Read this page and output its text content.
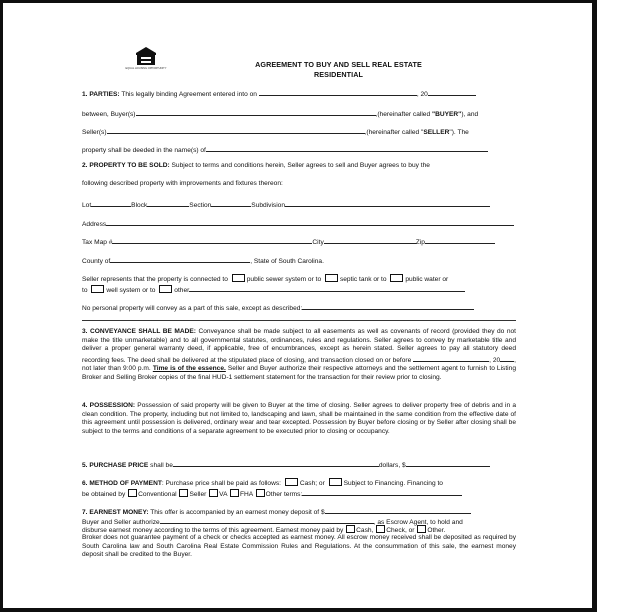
EQUAL HOUSING OPPORTUNITY	AGREEMENT TO BUY AND SELL REAL ESTATE
RESIDENTIAL
1. PARTIES: This legally binding Agreement entered into on	, 20
between, Buyer(s)	,(hereinafter called "BUYER"), and
Seller(s)	,(hereinafter called "SELLER"). The
property shall be deeded in the name(s) of
2. PROPERTY TO BE SOLD: Subject to terms and conditions herein, Seller agrees to sell and Buyer agrees to buy the
following described property with improvements and fixtures thereon:
Lot	Block	Section	Subdivision
Address
Tax Map #	City	Zip
County of	, State of South Carolina.
Seller represents that the property is connected to	public sewer system or to	septic tank or to	public water or
to	well system or to	other
No personal property will convey as a part of this sale, except as described:
3. CONVEYANCE SHALL BE MADE: Conveyance shall be made subject to all easements as well as covenants of record (provided they do not make the title unmarketable) and to all governmental statutes, ordinances, rules and regulations. Seller agrees to convey by marketable title and deliver a proper general warranty deed, if applicable, free of encumbrances, except as herein stated. Seller agrees to pay all statutory deed recording fees. The deed shall be delivered at the stipulated place of closing, and transaction closed on or before	, 20 , not later than 9:00 p.m. Time is of the essence. Seller and Buyer authorize their respective attorneys and the settlement agent to furnish to Listing Broker and Selling Broker copies of the final HUD-1 settlement statement for the transaction for their review prior to closing.
4. POSSESSION: Possession of said property will be given to Buyer at the time of closing. Seller agrees to deliver property free of debris and in a clean condition. The property, including but not limited to, landscaping and lawn, shall be maintained in the same condition from the effective date of this agreement until possession is delivered, ordinary wear and tear excepted. Possession by Buyer before closing or by Seller after closing shall be subject to the terms and conditions of a separate agreement to be executed prior to closing or occupancy.
5. PURCHASE PRICE shall be	dollars, $
6. METHOD OF PAYMENT: Purchase price shall be paid as follows:	Cash; or	Subject to Financing. Financing to
be obtained by Conventional Seller VA FHA Other terms:
7. EARNEST MONEY: This offer is accompanied by an earnest money deposit of $
Buyer and Seller authorize	, as Escrow Agent, to hold and
disburse earnest money according to the terms of this agreement. Earnest money paid by Cash, Check, or Other.
Broker does not guarantee payment of a check or checks accepted as earnest money. All escrow money received shall be deposited as required by South Carolina law and South Carolina Real Estate Commission Rules and Regulations. At the consummation of this sale, the earnest money deposit shall be credited to the Buyer.
